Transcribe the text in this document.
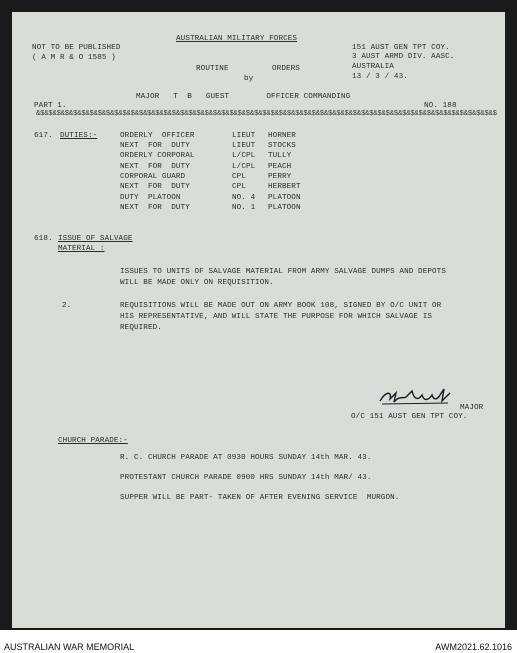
NOT TO BE PUBLISHED
( A M R & O 1585 )
AUSTRALIAN MILITARY FORCES
151 AUST GEN TPT COY.
3 AUST ARMD DIV. AASC.
AUSTRALIA
13 / 3 / 43.
ROUTINE	ORDERS
by
MAJOR   T  B   GUEST        OFFICER COMMANDING
PART 1.	NO. 188
&$&$&$&$&$&$&$&$&$&$&$&$&$&$&$&$&$&$&$&$&$&$&$&$&$&$&$&$&$&$&$&$&$&$&$&$&$&$&$&$&$&$&$&$&$&$&$&$&$&$&$&$&$&$&$&$
617. DUTIES:-	ORDERLY  OFFICER	LIEUT HORNER
NEXT  FOR  DUTY	LIEUT STOCKS
ORDERLY CORPORAL	L/CPL TULLY
NEXT  FOR  DUTY	L/CPL PEACH
CORPORAL GUARD	CPL	PERRY
NEXT  FOR  DUTY	CPL	HERBERT
DUTY  PLATOON	NO. 4 PLATOON
NEXT  FOR  DUTY	NO. 1 PLATOON
618. ISSUE OF SALVAGE
MATERIAL :
ISSUES TO UNITS OF SALVAGE MATERIAL FROM ARMY SALVAGE DUMPS AND DEPOTS
WILL BE MADE ONLY ON REQUISITION.
2.	REQUISITIONS WILL BE MADE OUT ON ARMY BOOK 108, SIGNED BY O/C UNIT OR
HIS REPRESENTATIVE, AND WILL STATE THE PURPOSE FOR WHICH SALVAGE IS
REQUIRED.
MAJOR
O/C 151 AUST GEN TPT COY.
CHURCH PARADE:-
R. C. CHURCH PARADE AT 0930 HOURS SUNDAY 14th MAR. 43.
PROTESTANT CHURCH PARADE 0900 HRS SUNDAY 14th MAR/ 43.
SUPPER WILL BE PART- TAKEN OF AFTER EVENING SERVICE  MURGON.
AUSTRALIAN WAR MEMORIAL	AWM2021.62.1016
